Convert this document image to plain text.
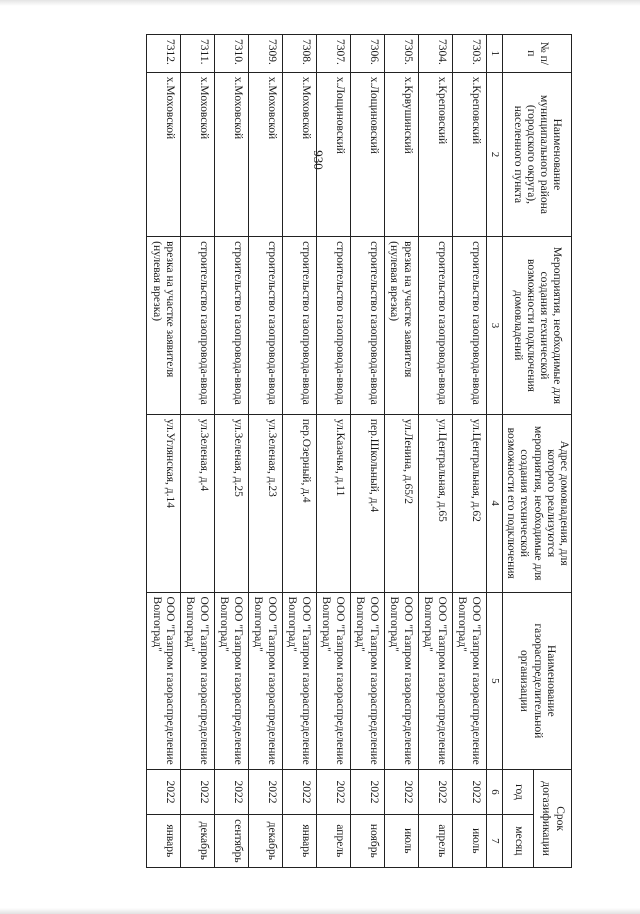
930
№ п/п	Наименование муниципального района (городского округа), населенного пункта	Мероприятия, необходимые для создания технической возможности подключения домовладений	Адрес домовладения, для которого реализуются мероприятия, необходимые для создания технической возможности его подключения	Наименование газораспределительной организации	Срок догазификации	
					год	месяц
1	2	3	4	5	6	7
7303.	х.Креповский	строительство газопровода-ввода	ул.Центральная, д.62	ООО "Газпром газораспределение Волгоград"	2022	июль
7304.	х.Креповский	строительство газопровода-ввода	ул.Центральная, д.65	ООО "Газпром газораспределение Волгоград"	2022	апрель
7305.	х.Крвушинский	врезка на участке заявителя (нулевая врезка)	ул.Ленина, д.65/2	ООО "Газпром газораспределение Волгоград"	2022	июль
7306.	х.Лощиновский	строительство газопровода-ввода	пер.Школьный, д.4	ООО "Газпром газораспределение Волгоград"	2022	ноябрь
7307.	х.Лощиновский	строительство газопровода-ввода	ул.Казачья, д.11	ООО "Газпром газораспределение Волгоград"	2022	апрель
7308.	х.Моховской	строительство газопровода-ввода	пер.Озерный, д.4	ООО "Газпром газораспределение Волгоград"	2022	январь
7309.	х.Моховской	строительство газопровода-ввода	ул.Зеленая, д.23	ООО "Газпром газораспределение Волгоград"	2022	декабрь
7310.	х.Моховской	строительство газопровода-ввода	ул.Зеленая, д.25	ООО "Газпром газораспределение Волгоград"	2022	сентябрь
7311.	х.Моховской	строительство газопровода-ввода	ул.Зеленая, д.4	ООО "Газпром газораспределение Волгоград"	2022	декабрь
7312.	х.Моховской	врезка на участке заявителя (нулевая врезка)	ул.Углянская, д.14	ООО "Газпром газораспределение Волгоград"	2022	январь
